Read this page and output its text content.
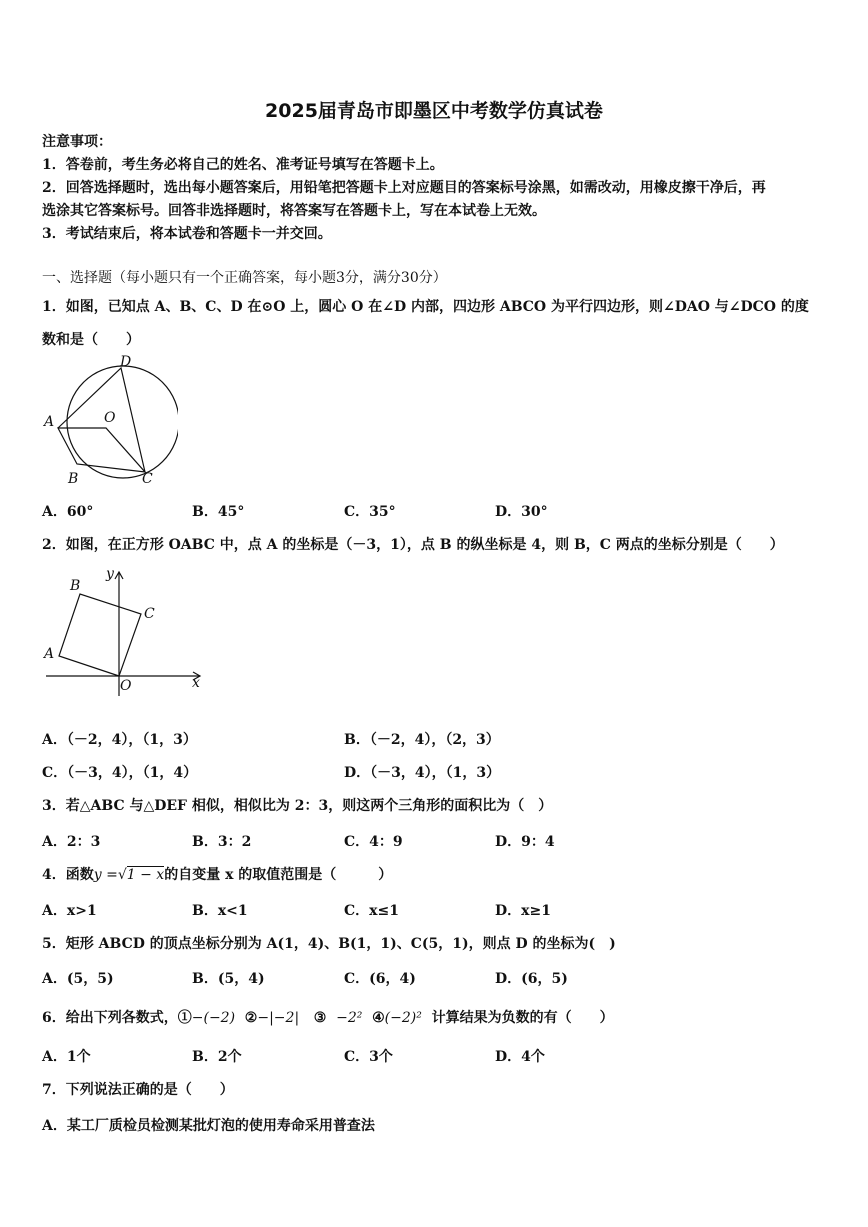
2025届青岛市即墨区中考数学仿真试卷
注意事项：
1．答卷前，考生务必将自己的姓名、准考证号填写在答题卡上。
2．回答选择题时，选出每小题答案后，用铅笔把答题卡上对应题目的答案标号涂黑，如需改动，用橡皮擦干净后，再
选涂其它答案标号。回答非选择题时，将答案写在答题卡上，写在本试卷上无效。
3．考试结束后，将本试卷和答题卡一并交回。
一、选择题（每小题只有一个正确答案，每小题3分，满分30分）
1．如图，已知点 A、B、C、D 在⊙O 上，圆心 O 在∠D 内部，四边形 ABCO 为平行四边形，则∠DAO 与∠DCO 的度
数和是（　　）
A
B	C
D
O
A．60°	B．45°	C．35°	D．30°
2．如图，在正方形 OABC 中，点 A 的坐标是（－3，1），点 B 的纵坐标是 4，则 B，C 两点的坐标分别是（　　）
A
B
C
O	x
y
A．（－2，4），（1，3）	B．（－2，4），（2，3）
C．（－3，4），（1，4）	D．（－3，4），（1，3）
3．若△ABC 与△DEF 相似，相似比为 2：3，则这两个三角形的面积比为（　）
A．2：3	B．3：2	C．4：9	D．9：4
4．函数y =√1 − x的自变量 x 的取值范围是（　　　）
A．x>1	B．x<1	C．x≤1	D．x≥1
5．矩形 ABCD 的顶点坐标分别为 A(1，4)、B(1，1)、C(5，1)，则点 D 的坐标为(　)
A．(5，5)	B．(5，4)	C．(6，4)	D．(6，5)
6．给出下列各数式，①−(−2) ②−|−2| ③ −2² ④(−2)² 计算结果为负数的有（　　）
A．1个	B．2个	C．3个	D．4个
7．下列说法正确的是（　　）
A．某工厂质检员检测某批灯泡的使用寿命采用普查法
